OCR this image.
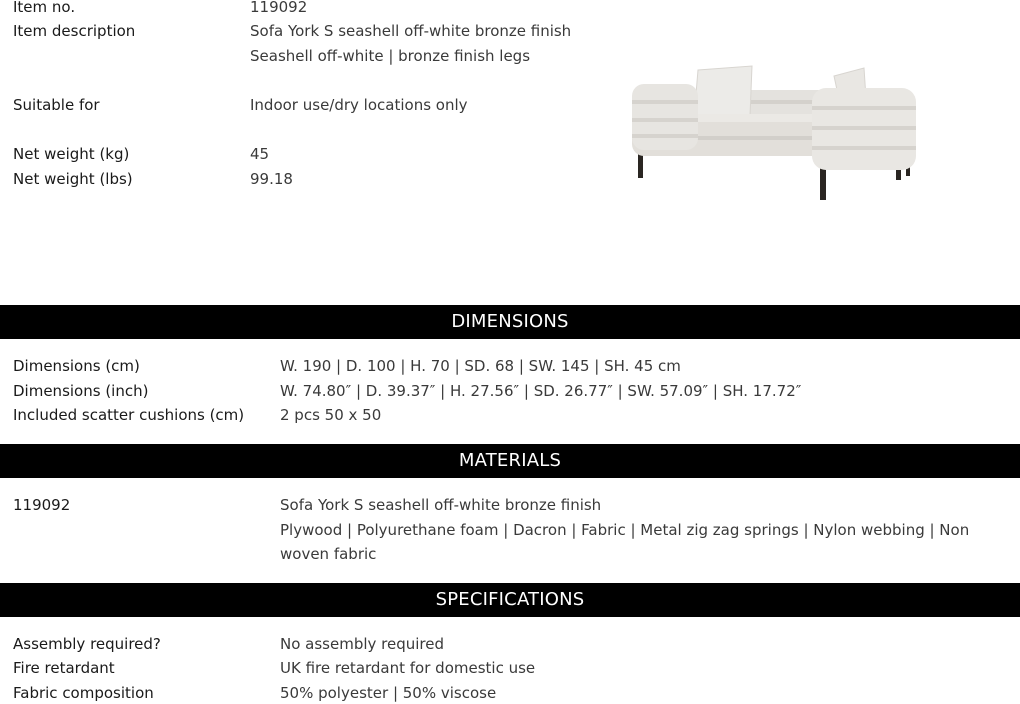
Item no.	119092
Item description	Sofa York S seashell off-white bronze finish
Seashell off-white | bronze finish legs
Suitable for	Indoor use/dry locations only
Net weight (kg)	45
Net weight (lbs)	99.18
DIMENSIONS
Dimensions (cm)	W. 190 | D. 100 | H. 70 | SD. 68 | SW. 145 | SH. 45 cm
Dimensions (inch)	W. 74.80″ | D. 39.37″ | H. 27.56″ | SD. 26.77″ | SW. 57.09″ | SH. 17.72″
Included scatter cushions (cm) 2 pcs 50 x 50
MATERIALS
119092	Sofa York S seashell off-white bronze finish
Plywood | Polyurethane foam | Dacron | Fabric | Metal zig zag springs | Nylon webbing | Non woven fabric
SPECIFICATIONS
Assembly required?	No assembly required
Fire retardant	UK fire retardant for domestic use
Fabric composition	50% polyester | 50% viscose
